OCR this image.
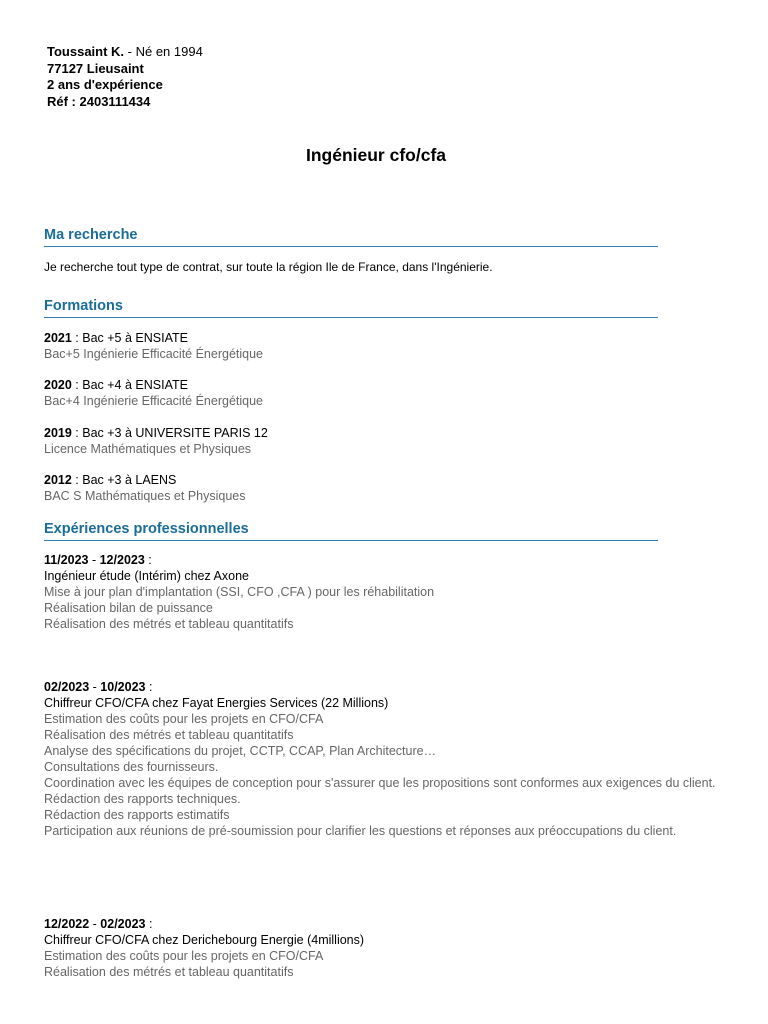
Toussaint K. - Né en 1994
77127 Lieusaint
2 ans d'expérience
Réf : 2403111434
Ingénieur cfo/cfa
Ma recherche
Je recherche tout type de contrat, sur toute la région Ile de France, dans l'Ingénierie.
Formations
2021 : Bac +5 à ENSIATE
Bac+5 Ingénierie Efficacité Énergétique
2020 : Bac +4 à ENSIATE
Bac+4 Ingénierie Efficacité Énergétique
2019 : Bac +3 à UNIVERSITE PARIS 12
Licence Mathématiques et Physiques
2012 : Bac +3 à LAENS
BAC S Mathématiques et Physiques
Expériences professionnelles
11/2023 - 12/2023 :
Ingénieur étude (Intérim) chez Axone
Mise à jour plan d'implantation (SSI, CFO ,CFA ) pour les réhabilitation
Réalisation bilan de puissance
Réalisation des métrés et tableau quantitatifs
02/2023 - 10/2023 :
Chiffreur CFO/CFA chez Fayat Energies Services (22 Millions)
Estimation des coûts pour les projets en CFO/CFA
Réalisation des métrés et tableau quantitatifs
Analyse des spécifications du projet, CCTP, CCAP, Plan Architecture…
Consultations des fournisseurs.
Coordination avec les équipes de conception pour s'assurer que les propositions sont conformes aux exigences du client.
Rédaction des rapports techniques.
Rédaction des rapports estimatifs
Participation aux réunions de pré-soumission pour clarifier les questions et réponses aux préoccupations du client.
12/2022 - 02/2023 :
Chiffreur CFO/CFA chez Derichebourg Energie (4millions)
Estimation des coûts pour les projets en CFO/CFA
Réalisation des métrés et tableau quantitatifs
